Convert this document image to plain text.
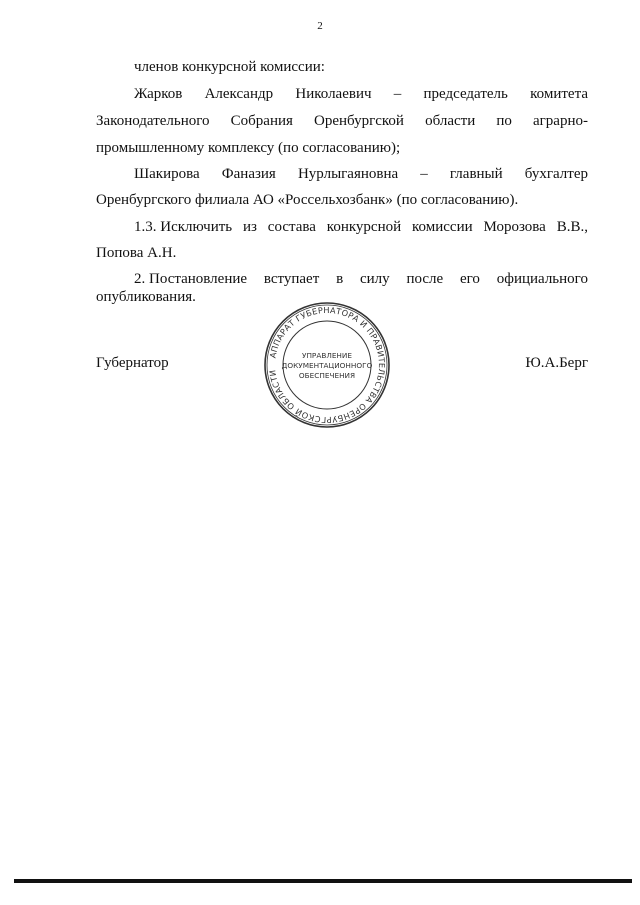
2
членов конкурсной комиссии:
Жарков Александр Николаевич – председатель комитета
Законодательного Собрания Оренбургской области по аграрно-
промышленному комплексу (по согласованию);
Шакирова Фаназия Нурлыгаяновна – главный бухгалтер
Оренбургского филиала АО «Россельхозбанк» (по согласованию).
1.3. Исключить из состава конкурсной комиссии Морозова В.В.,
Попова А.Н.
2. Постановление вступает в силу после его официального
опубликования.
Губернатор	АППАРАТ ГУБЕРНАТОРА И ПРАВИТЕЛЬСТВА ОРЕНБУРГСКОЙ ОБЛАСТИ
УПРАВЛЕНИЕ
ДОКУМЕНТАЦИОННОГО
ОБЕСПЕЧЕНИЯ
Ю.А.Берг
